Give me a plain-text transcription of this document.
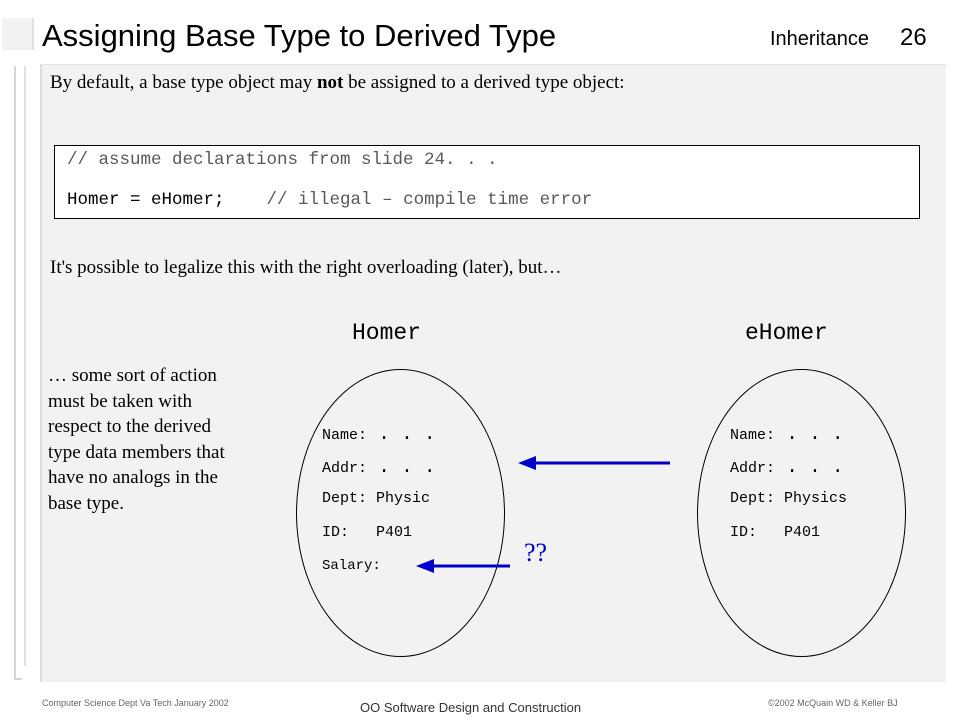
Assigning Base Type to Derived Type	Inheritance 26
By default, a base type object may not be assigned to a derived type object:
// assume declarations from slide 24. . .
Homer = eHomer; // illegal – compile time error
It's possible to legalize this with the right overloading (later), but…
Homer	eHomer
… some sort of action must be taken with respect to the derived type data members that have no analogs in the base type.
Name: . . .
Addr: . . .
Dept: Physic
ID: P401
Salary:
Name: . . .
Addr: . . .
Dept: Physics
ID: P401
??
Computer Science Dept Va Tech January 2002	OO Software Design and Construction	©2002 McQuain WD & Keller BJ
